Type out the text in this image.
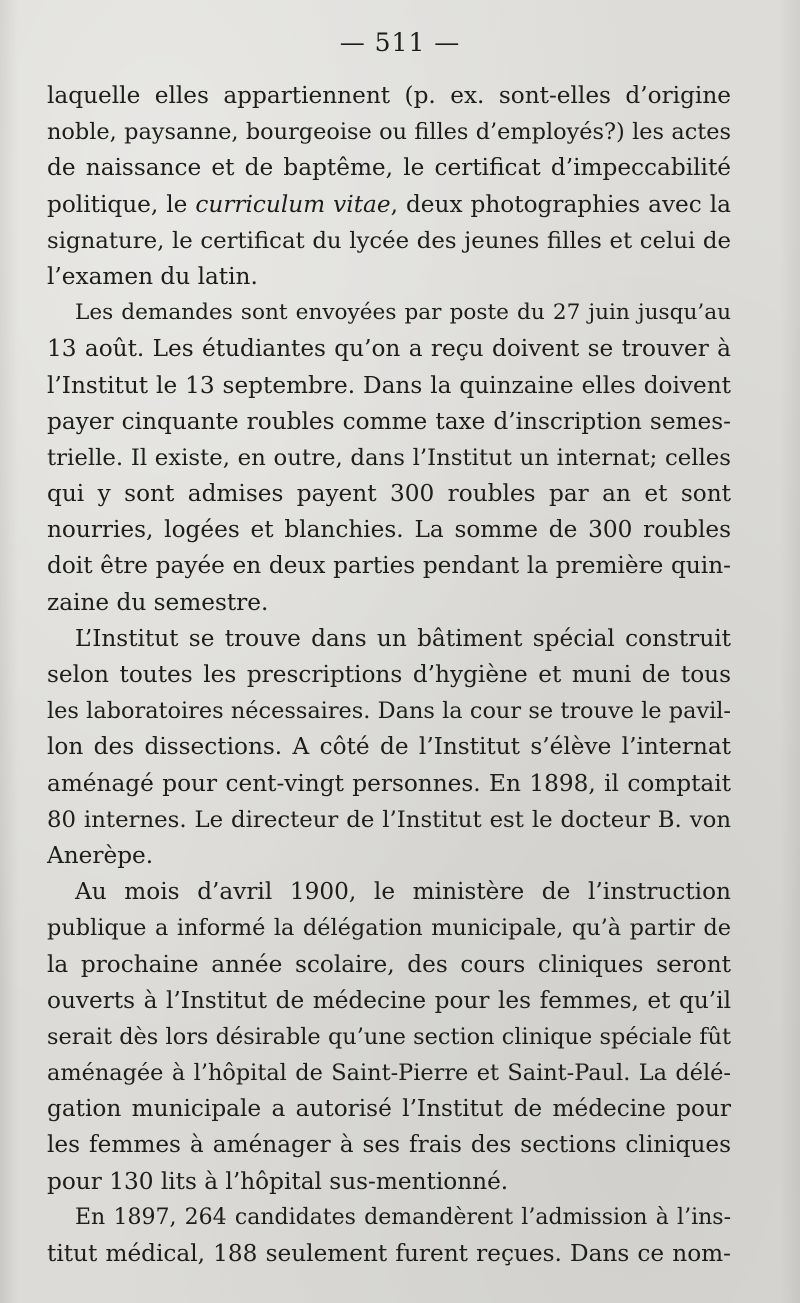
— 511 —
laquelle elles appartiennent (p. ex. sont-elles d’origine
noble, paysanne, bourgeoise ou filles d’employés?) les actes
de naissance et de baptême, le certificat d’impeccabilité
politique, le curriculum vitae, deux photographies avec la
signature, le certificat du lycée des jeunes filles et celui de
l’examen du latin.
Les demandes sont envoyées par poste du 27 juin jusqu’au
13 août. Les étudiantes qu’on a reçu doivent se trouver à
l’Institut le 13 septembre. Dans la quinzaine elles doivent
payer cinquante roubles comme taxe d’inscription semes-
trielle. Il existe, en outre, dans l’Institut un internat; celles
qui y sont admises payent 300 roubles par an et sont
nourries, logées et blanchies. La somme de 300 roubles
doit être payée en deux parties pendant la première quin-
zaine du semestre.
L’Institut se trouve dans un bâtiment spécial construit
selon toutes les prescriptions d’hygiène et muni de tous
les laboratoires nécessaires. Dans la cour se trouve le pavil-
lon des dissections. A côté de l’Institut s’élève l’internat
aménagé pour cent-vingt personnes. En 1898, il comptait
80 internes. Le directeur de l’Institut est le docteur B. von
Anerèpe.
Au mois d’avril 1900, le ministère de l’instruction
publique a informé la délégation municipale, qu’à partir de
la prochaine année scolaire, des cours cliniques seront
ouverts à l’Institut de médecine pour les femmes, et qu’il
serait dès lors désirable qu’une section clinique spéciale fût
aménagée à l’hôpital de Saint-Pierre et Saint-Paul. La délé-
gation municipale a autorisé l’Institut de médecine pour
les femmes à aménager à ses frais des sections cliniques
pour 130 lits à l’hôpital sus-mentionné.
En 1897, 264 candidates demandèrent l’admission à l’ins-
titut médical, 188 seulement furent reçues. Dans ce nom-
